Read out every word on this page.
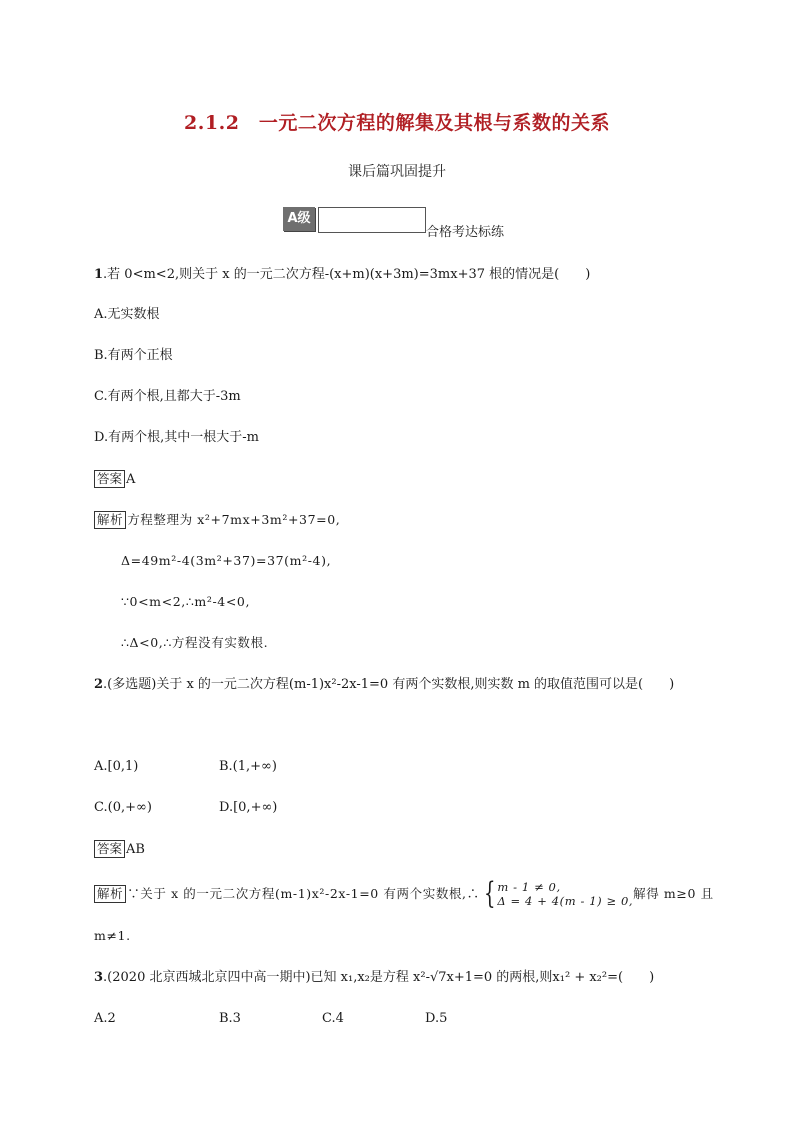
2.1.2　一元二次方程的解集及其根与系数的关系
课后篇巩固提升
A级
合格考达标练
1.若 0<m<2,则关于 x 的一元二次方程-(x+m)(x+3m)=3mx+37 根的情况是(　　)
A.无实数根
B.有两个正根
C.有两个根,且都大于-3m
D.有两个根,其中一根大于-m
答案 A
解析 方程整理为 x²+7mx+3m²+37=0,
Δ=49m²-4(3m²+37)=37(m²-4),
∵0<m<2,∴m²-4<0,
∴Δ<0,∴方程没有实数根.
2.(多选题)关于 x 的一元二次方程(m-1)x²-2x-1=0 有两个实数根,则实数 m 的取值范围可以是(　　)
A.[0,1)	B.(1,+∞)
C.(0,+∞)	D.[0,+∞)
答案 AB
解析 ∵关于 x 的一元二次方程(m-1)x²-2x-1=0 有两个实数根,∴ { m - 1 ≠ 0,
Δ = 4 + 4(m - 1) ≥ 0, 解得 m≥0 且
m≠1.
3.(2020 北京西城北京四中高一期中)已知 x₁,x₂是方程 x²-√7x+1=0 的两根,则x₁² + x₂²=(　　)
A.2	B.3	C.4	D.5
